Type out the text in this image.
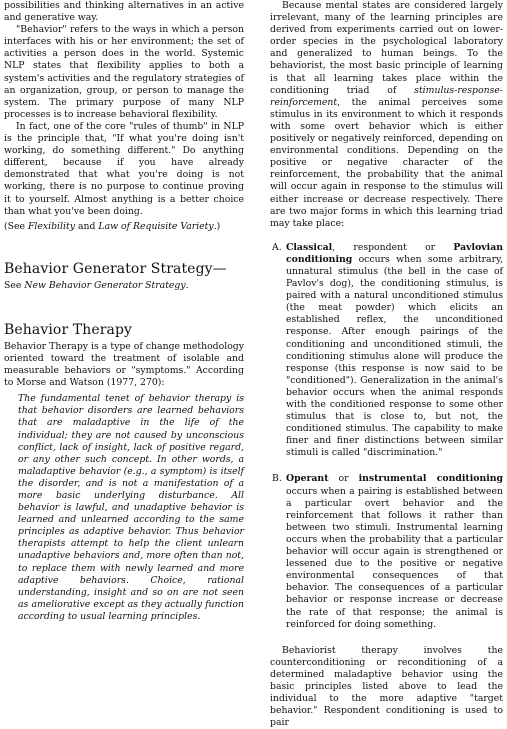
possibilities and thinking alternatives in an active and generative way.

"Behavior" refers to the ways in which a person interfaces with his or her environment; the set of activities a person does in the world. Systemic NLP states that flexibility applies to both a system's activities and the regulatory strategies of an organization, group, or person to manage the system. The primary purpose of many NLP processes is to increase behavioral flexibility.

In fact, one of the core "rules of thumb" in NLP is the principle that, "If what you're doing isn't working, do something different." Do anything different, because if you have already demonstrated that what you're doing is not working, there is no purpose to continue proving it to yourself. Almost anything is a better choice than what you've been doing.

(See Flexibility and Law of Requisite Variety.)

Behavior Generator Strategy—

See New Behavior Generator Strategy.

Behavior Therapy

Behavior Therapy is a type of change methodology oriented toward the treatment of isolable and measurable behaviors or "symptoms." According to Morse and Watson (1977, 270):

The fundamental tenet of behavior therapy is that behavior disorders are learned behaviors that are maladaptive in the life of the individual; they are not caused by unconscious conflict, lack of insight, lack of positive regard, or any other such concept. In other words, a maladaptive behavior (e.g., a symptom) is itself the disorder, and is not a manifestation of a more basic underlying disturbance. All behavior is lawful, and unadaptive behavior is learned and unlearned according to the same principles as adaptive behavior. Thus behavior therapists attempt to help the client unlearn unadaptive behaviors and, more often than not, to replace them with newly learned and more adaptive behaviors. Choice, rational understanding, insight and so on are not seen as ameliorative except as they actually function according to usual learning principles.

Because mental states are considered largely irrelevant, many of the learning principles are derived from experiments carried out on lower-order species in the psychological laboratory and generalized to human beings. To the behaviorist, the most basic principle of learning is that all learning takes place within the conditioning triad of stimulus-response-reinforcement, the animal perceives some stimulus in its environment to which it responds with some overt behavior which is either positively or negatively reinforced, depending on environmental conditions. Depending on the positive or negative character of the reinforcement, the probability that the animal will occur again in response to the stimulus will either increase or decrease respectively. There are two major forms in which this learning triad may take place:

A. Classical, respondent or Pavlovian conditioning occurs when some arbitrary, unnatural stimulus (the bell in the case of Pavlov's dog), the conditioning stimulus, is paired with a natural unconditioned stimulus (the meat powder) which elicits an established reflex, the unconditioned response. After enough pairings of the conditioning and unconditioned stimuli, the conditioning stimulus alone will produce the response (this response is now said to be "conditioned"). Generalization in the animal's behavior occurs when the animal responds with the conditioned response to some other stimulus that is close to, but not, the conditioned stimulus. The capability to make finer and finer distinctions between similar stimuli is called "discrimination."

B. Operant or instrumental conditioning occurs when a pairing is established between a particular overt behavior and the reinforcement that follows it rather than between two stimuli. Instrumental learning occurs when the probability that a particular behavior will occur again is strengthened or lessened due to the positive or negative environmental consequences of that behavior. The consequences of a particular behavior or response increase or decrease the rate of that response; the animal is reinforced for doing something.

Behaviorist therapy involves the counterconditioning or reconditioning of a determined maladaptive behavior using the basic principles listed above to lead the individual to the more adaptive "target behavior." Respondent conditioning is used to pair
